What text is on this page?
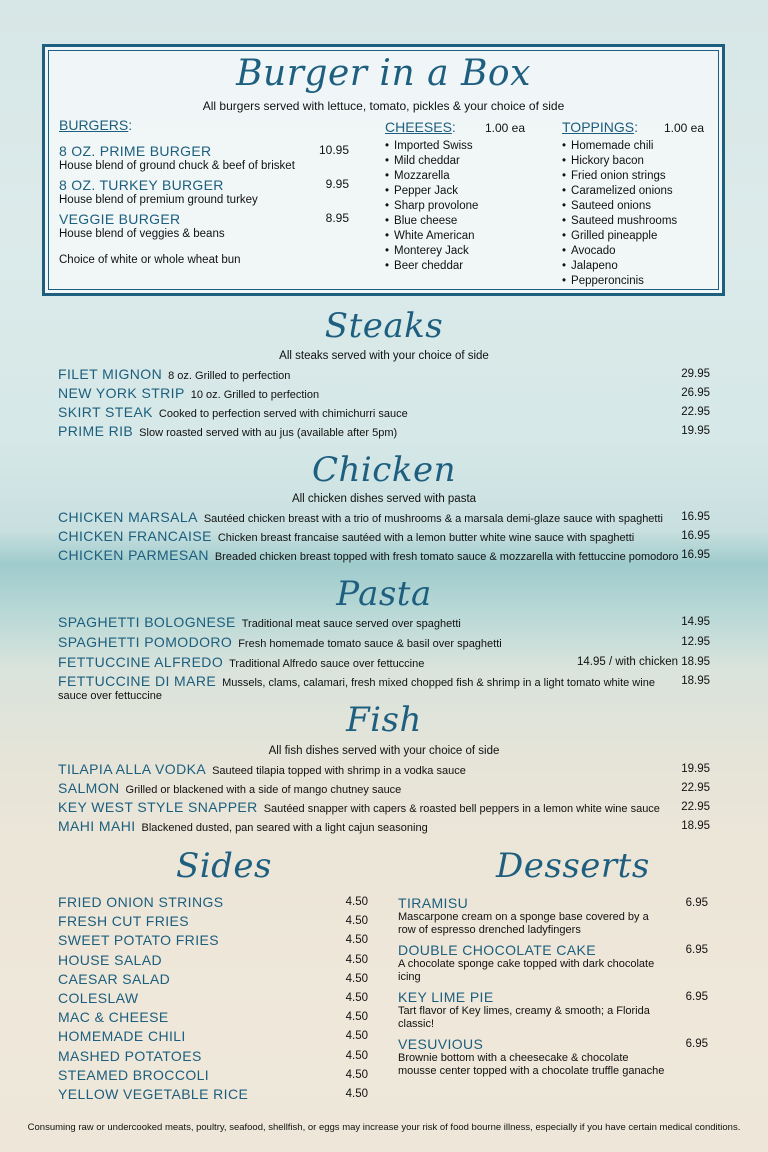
Burger in a Box
All burgers served with lettuce, tomato, pickles & your choice of side
BURGERS:
8 OZ. PRIME BURGER
House blend of ground chuck & beef of brisket
10.95
8 OZ. TURKEY BURGER
House blend of premium ground turkey
9.95
VEGGIE BURGER
House blend of veggies & beans
8.95
Choice of white or whole wheat bun
CHEESES: 1.00 ea
• Imported Swiss
• Mild cheddar
• Mozzarella
• Pepper Jack
• Sharp provolone
• Blue cheese
• White American
• Monterey Jack
• Beer cheddar
TOPPINGS: 1.00 ea
• Homemade chili
• Hickory bacon
• Fried onion strings
• Caramelized onions
• Sauteed onions
• Sauteed mushrooms
• Grilled pineapple
• Avocado
• Jalapeno
• Pepperoncinis
Steaks
All steaks served with your choice of side
FILET MIGNON 8 oz. Grilled to perfection	29.95
NEW YORK STRIP 10 oz. Grilled to perfection	26.95
SKIRT STEAK Cooked to perfection served with chimichurri sauce	22.95
PRIME RIB Slow roasted served with au jus (available after 5pm)	19.95
Chicken
All chicken dishes served with pasta
CHICKEN MARSALA Sautéed chicken breast with a trio of mushrooms & a marsala demi-glaze sauce with spaghetti 16.95
CHICKEN FRANCAISE Chicken breast francaise sautéed with a lemon butter white wine sauce with spaghetti	16.95
CHICKEN PARMESAN Breaded chicken breast topped with fresh tomato sauce & mozzarella with fettuccine pomodoro 16.95
Pasta
SPAGHETTI BOLOGNESE Traditional meat sauce served over spaghetti	14.95
SPAGHETTI POMODORO Fresh homemade tomato sauce & basil over spaghetti	12.95
FETTUCCINE ALFREDO Traditional Alfredo sauce over fettuccine	14.95 / with chicken 18.95
FETTUCCINE DI MARE Mussels, clams, calamari, fresh mixed chopped fish & shrimp in a light tomato white wine 18.95
sauce over fettuccine
Fish
All fish dishes served with your choice of side
TILAPIA ALLA VODKA Sauteed tilapia topped with shrimp in a vodka sauce	19.95
SALMON Grilled or blackened with a side of mango chutney sauce	22.95
KEY WEST STYLE SNAPPER Sautéed snapper with capers & roasted bell peppers in a lemon white wine sauce 22.95
MAHI MAHI Blackened dusted, pan seared with a light cajun seasoning	18.95
Sides
FRIED ONION STRINGS	4.50
FRESH CUT FRIES	4.50
SWEET POTATO FRIES	4.50
HOUSE SALAD	4.50
CAESAR SALAD	4.50
COLESLAW	4.50
MAC & CHEESE	4.50
HOMEMADE CHILI	4.50
MASHED POTATOES	4.50
STEAMED BROCCOLI	4.50
YELLOW VEGETABLE RICE	4.50
Desserts
TIRAMISU	6.95
Mascarpone cream on a sponge base covered by a row of espresso drenched ladyfingers
DOUBLE CHOCOLATE CAKE	6.95
A chocolate sponge cake topped with dark chocolate icing
KEY LIME PIE	6.95
Tart flavor of Key limes, creamy & smooth; a Florida classic!
VESUVIOUS	6.95
Brownie bottom with a cheesecake & chocolate mousse center topped with a chocolate truffle ganache
Consuming raw or undercooked meats, poultry, seafood, shellfish, or eggs may increase your risk of food bourne illness, especially if you have certain medical conditions.
